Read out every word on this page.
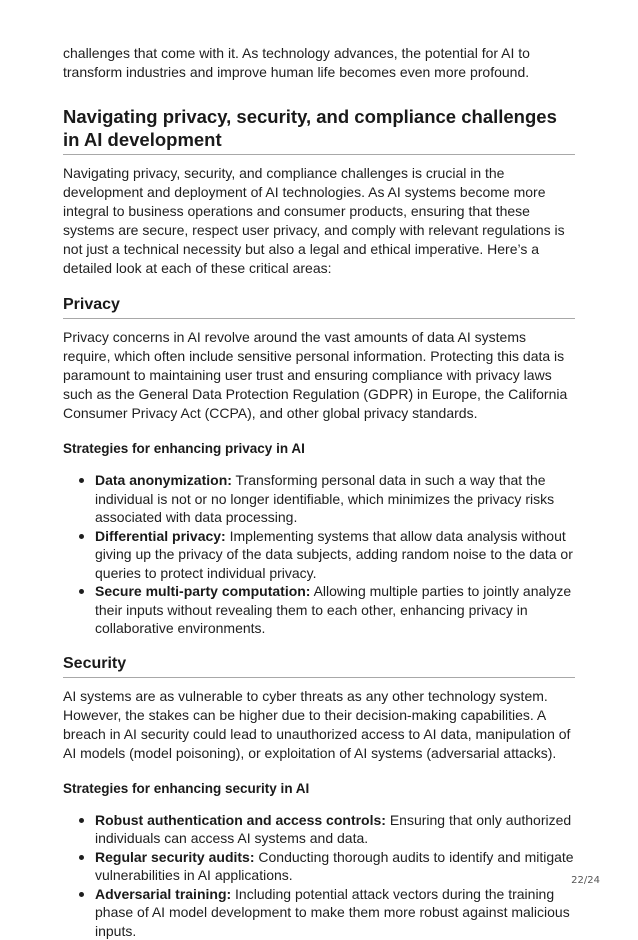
challenges that come with it. As technology advances, the potential for AI to transform industries and improve human life becomes even more profound.

Navigating privacy, security, and compliance challenges in AI development

Navigating privacy, security, and compliance challenges is crucial in the development and deployment of AI technologies. As AI systems become more integral to business operations and consumer products, ensuring that these systems are secure, respect user privacy, and comply with relevant regulations is not just a technical necessity but also a legal and ethical imperative. Here’s a detailed look at each of these critical areas:

Privacy

Privacy concerns in AI revolve around the vast amounts of data AI systems require, which often include sensitive personal information. Protecting this data is paramount to maintaining user trust and ensuring compliance with privacy laws such as the General Data Protection Regulation (GDPR) in Europe, the California Consumer Privacy Act (CCPA), and other global privacy standards.

Strategies for enhancing privacy in AI
Data anonymization: Transforming personal data in such a way that the individual is not or no longer identifiable, which minimizes the privacy risks associated with data processing.
Differential privacy: Implementing systems that allow data analysis without giving up the privacy of the data subjects, adding random noise to the data or queries to protect individual privacy.
Secure multi-party computation: Allowing multiple parties to jointly analyze their inputs without revealing them to each other, enhancing privacy in collaborative environments.
Security

AI systems are as vulnerable to cyber threats as any other technology system. However, the stakes can be higher due to their decision-making capabilities. A breach in AI security could lead to unauthorized access to AI data, manipulation of AI models (model poisoning), or exploitation of AI systems (adversarial attacks).

Strategies for enhancing security in AI
Robust authentication and access controls: Ensuring that only authorized individuals can access AI systems and data.
Regular security audits: Conducting thorough audits to identify and mitigate vulnerabilities in AI applications.
Adversarial training: Including potential attack vectors during the training phase of AI model development to make them more robust against malicious inputs.
22/24
